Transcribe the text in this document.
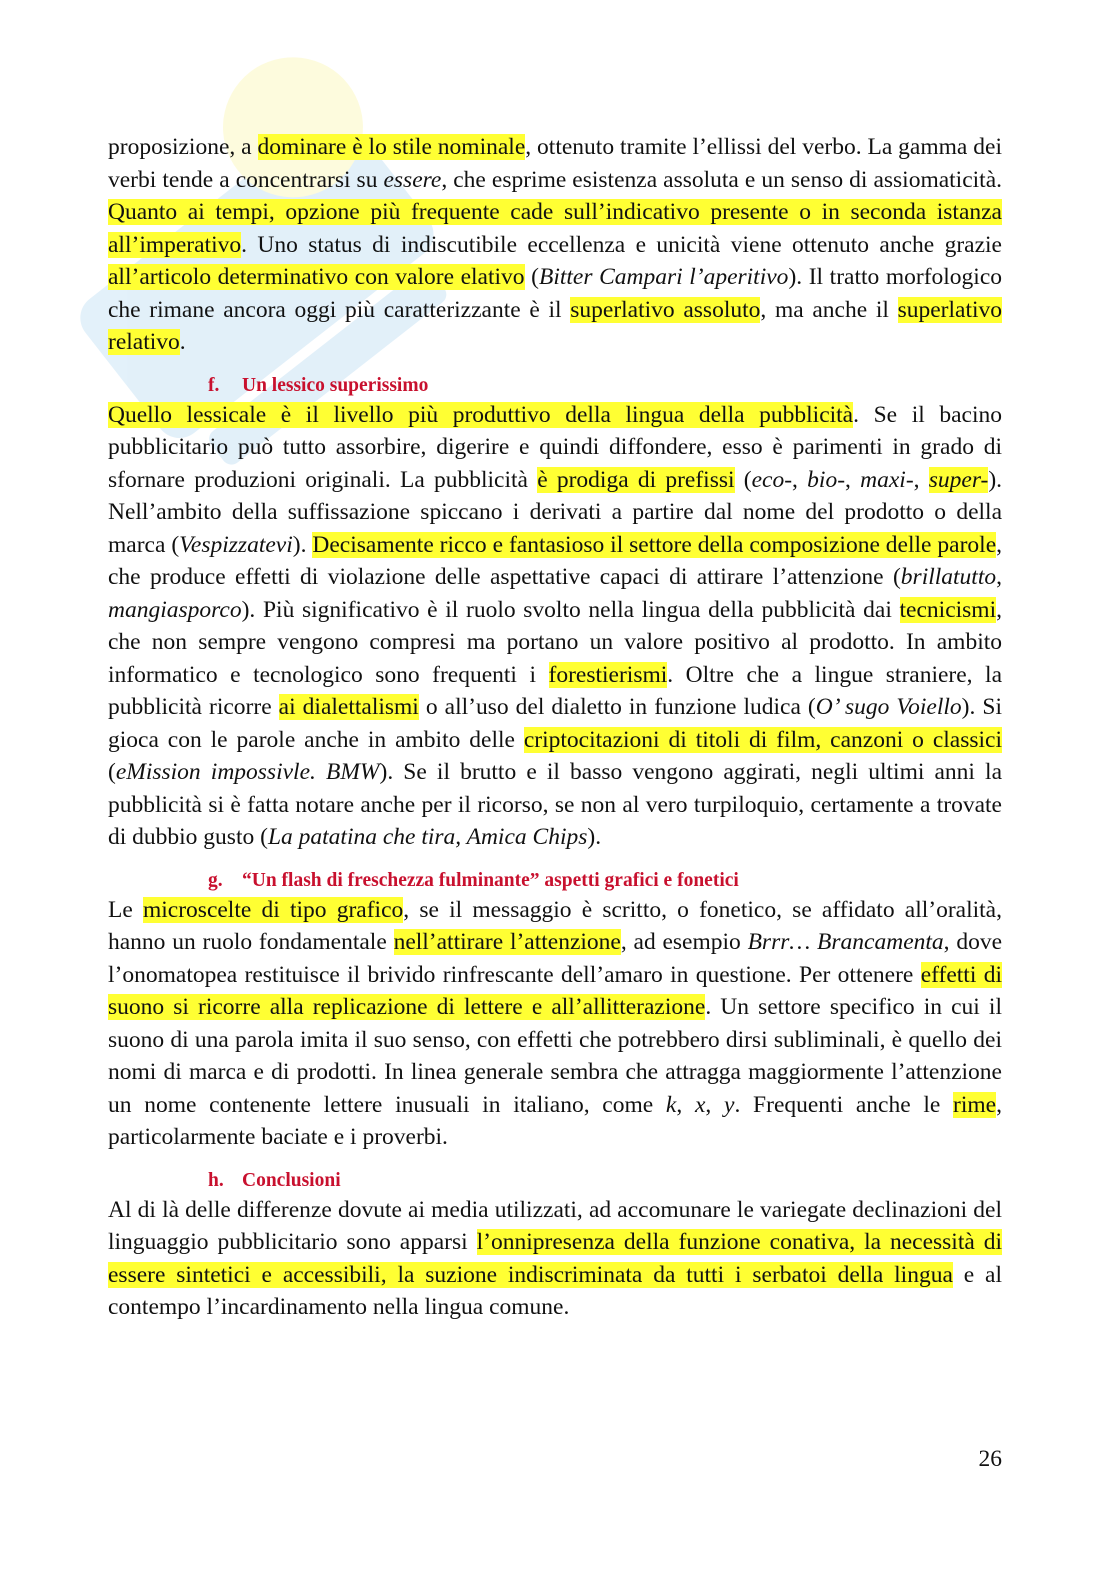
proposizione, a dominare è lo stile nominale, ottenuto tramite l’ellissi del verbo. La gamma dei verbi tende a concentrarsi su essere, che esprime esistenza assoluta e un senso di assiomaticità. Quanto ai tempi, opzione più frequente cade sull’indicativo presente o in seconda istanza all’imperativo. Uno status di indiscutibile eccellenza e unicità viene ottenuto anche grazie all’articolo determinativo con valore elativo (Bitter Campari l’aperitivo). Il tratto morfologico che rimane ancora oggi più caratterizzante è il superlativo assoluto, ma anche il superlativo relativo.

f. Un lessico superissimo

Quello lessicale è il livello più produttivo della lingua della pubblicità. Se il bacino pubblicitario può tutto assorbire, digerire e quindi diffondere, esso è parimenti in grado di sfornare produzioni originali. La pubblicità è prodiga di prefissi (eco-, bio-, maxi-, super-). Nell’ambito della suffissazione spiccano i derivati a partire dal nome del prodotto o della marca (Vespizzatevi). Decisamente ricco e fantasioso il settore della composizione delle parole, che produce effetti di violazione delle aspettative capaci di attirare l’attenzione (brillatutto, mangiasporco). Più significativo è il ruolo svolto nella lingua della pubblicità dai tecnicismi, che non sempre vengono compresi ma portano un valore positivo al prodotto. In ambito informatico e tecnologico sono frequenti i forestierismi. Oltre che a lingue straniere, la pubblicità ricorre ai dialettalismi o all’uso del dialetto in funzione ludica (O’ sugo Voiello). Si gioca con le parole anche in ambito delle criptocitazioni di titoli di film, canzoni o classici (eMission impossivle. BMW). Se il brutto e il basso vengono aggirati, negli ultimi anni la pubblicità si è fatta notare anche per il ricorso, se non al vero turpiloquio, certamente a trovate di dubbio gusto (La patatina che tira, Amica Chips).

g. “Un flash di freschezza fulminante” aspetti grafici e fonetici

Le microscelte di tipo grafico, se il messaggio è scritto, o fonetico, se affidato all’oralità, hanno un ruolo fondamentale nell’attirare l’attenzione, ad esempio Brrr… Brancamenta, dove l’onomatopea restituisce il brivido rinfrescante dell’amaro in questione. Per ottenere effetti di suono si ricorre alla replicazione di lettere e all’allitterazione. Un settore specifico in cui il suono di una parola imita il suo senso, con effetti che potrebbero dirsi subliminali, è quello dei nomi di marca e di prodotti. In linea generale sembra che attragga maggiormente l’attenzione un nome contenente lettere inusuali in italiano, come k, x, y. Frequenti anche le rime, particolarmente baciate e i proverbi.

h. Conclusioni

Al di là delle differenze dovute ai media utilizzati, ad accomunare le variegate declinazioni del linguaggio pubblicitario sono apparsi l’onnipresenza della funzione conativa, la necessità di essere sintetici e accessibili, la suzione indiscriminata da tutti i serbatoi della lingua e al contempo l’incardinamento nella lingua comune.

26
